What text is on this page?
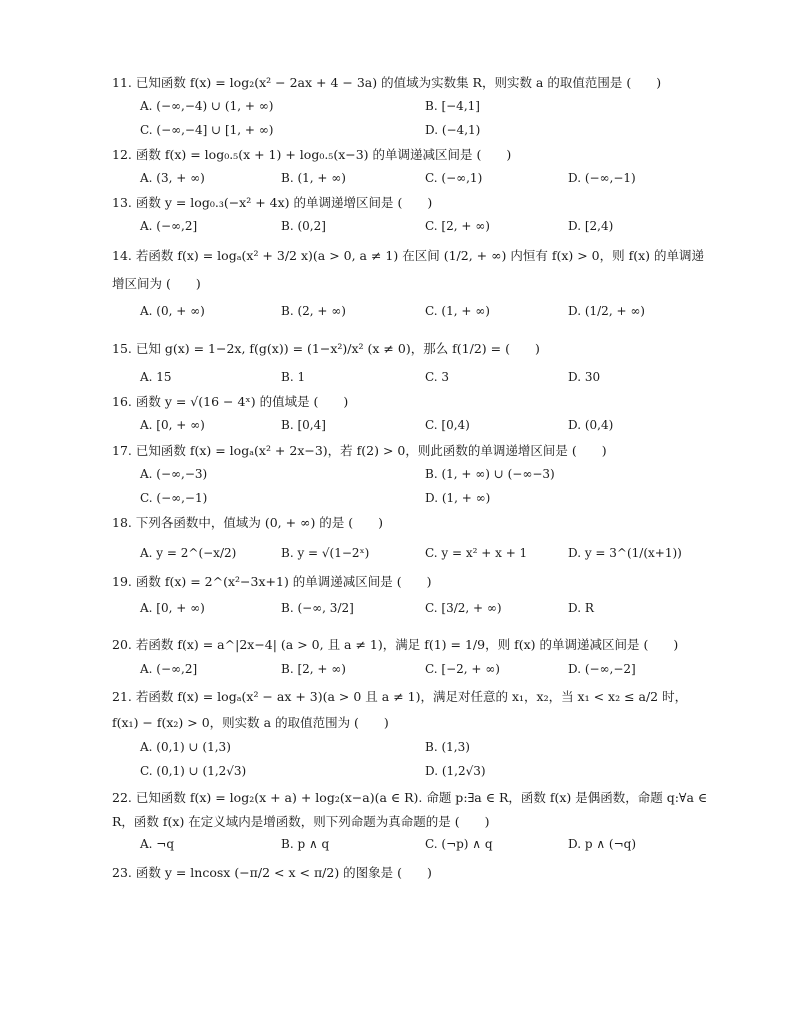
11. 已知函数 f(x) = log₂(x² − 2ax + 4 − 3a) 的值域为实数集 R，则实数 a 的取值范围是 (　　)
A. (−∞,−4) ∪ (1, + ∞)	B. [−4,1]
C. (−∞,−4] ∪ [1, + ∞)	D. (−4,1)
12. 函数 f(x) = log₀.₅(x + 1) + log₀.₅(x−3) 的单调递减区间是 (　　)
A. (3, + ∞)	B. (1, + ∞)	C. (−∞,1)	D. (−∞,−1)
13. 函数 y = log₀.₃(−x² + 4x) 的单调递增区间是 (　　)
A. (−∞,2]	B. (0,2]	C. [2, + ∞)	D. [2,4)
14. 若函数 f(x) = logₐ(x² + 3/2 x)(a > 0, a ≠ 1) 在区间 (1/2, + ∞) 内恒有 f(x) > 0，则 f(x) 的单调递增区间为 (　　)
A. (0, + ∞)	B. (2, + ∞)	C. (1, + ∞)	D. (1/2, + ∞)
15. 已知 g(x) = 1−2x, f(g(x)) = (1−x²)/x² (x ≠ 0)，那么 f(1/2) = (　　)
A. 15	B. 1	C. 3	D. 30
16. 函数 y = √(16 − 4ˣ) 的值域是 (　　)
A. [0, + ∞)	B. [0,4]	C. [0,4)	D. (0,4)
17. 已知函数 f(x) = logₐ(x² + 2x−3)，若 f(2) > 0，则此函数的单调递增区间是 (　　)
A. (−∞,−3)	B. (1, + ∞) ∪ (−∞−3)
C. (−∞,−1)	D. (1, + ∞)
18. 下列各函数中，值域为 (0, + ∞) 的是 (　　)
A. y = 2^(−x/2)	B. y = √(1−2ˣ)	C. y = x² + x + 1	D. y = 3^(1/(x+1))
19. 函数 f(x) = 2^(x²−3x+1) 的单调递减区间是 (　　)
A. [0, + ∞)	B. (−∞, 3/2]	C. [3/2, + ∞)	D. R
20. 若函数 f(x) = a^|2x−4| (a > 0, 且 a ≠ 1)，满足 f(1) = 1/9，则 f(x) 的单调递减区间是 (　　)
A. (−∞,2]	B. [2, + ∞)	C. [−2, + ∞)	D. (−∞,−2]
21. 若函数 f(x) = logₐ(x² − ax + 3)(a > 0 且 a ≠ 1)，满足对任意的 x₁，x₂，当 x₁ < x₂ ≤ a/2 时，f(x₁) − f(x₂) > 0，则实数 a 的取值范围为 (　　)
A. (0,1) ∪ (1,3)	B. (1,3)
C. (0,1) ∪ (1,2√3)	D. (1,2√3)
22. 已知函数 f(x) = log₂(x + a) + log₂(x−a)(a ∈ R). 命题 p:∃a ∈ R，函数 f(x) 是偶函数，命题 q:∀a ∈ R，函数 f(x) 在定义域内是增函数，则下列命题为真命题的是 (　　)
A. ¬q	B. p ∧ q	C. (¬p) ∧ q	D. p ∧ (¬q)
23. 函数 y = lncosx (−π/2 < x < π/2) 的图象是 (　　)
